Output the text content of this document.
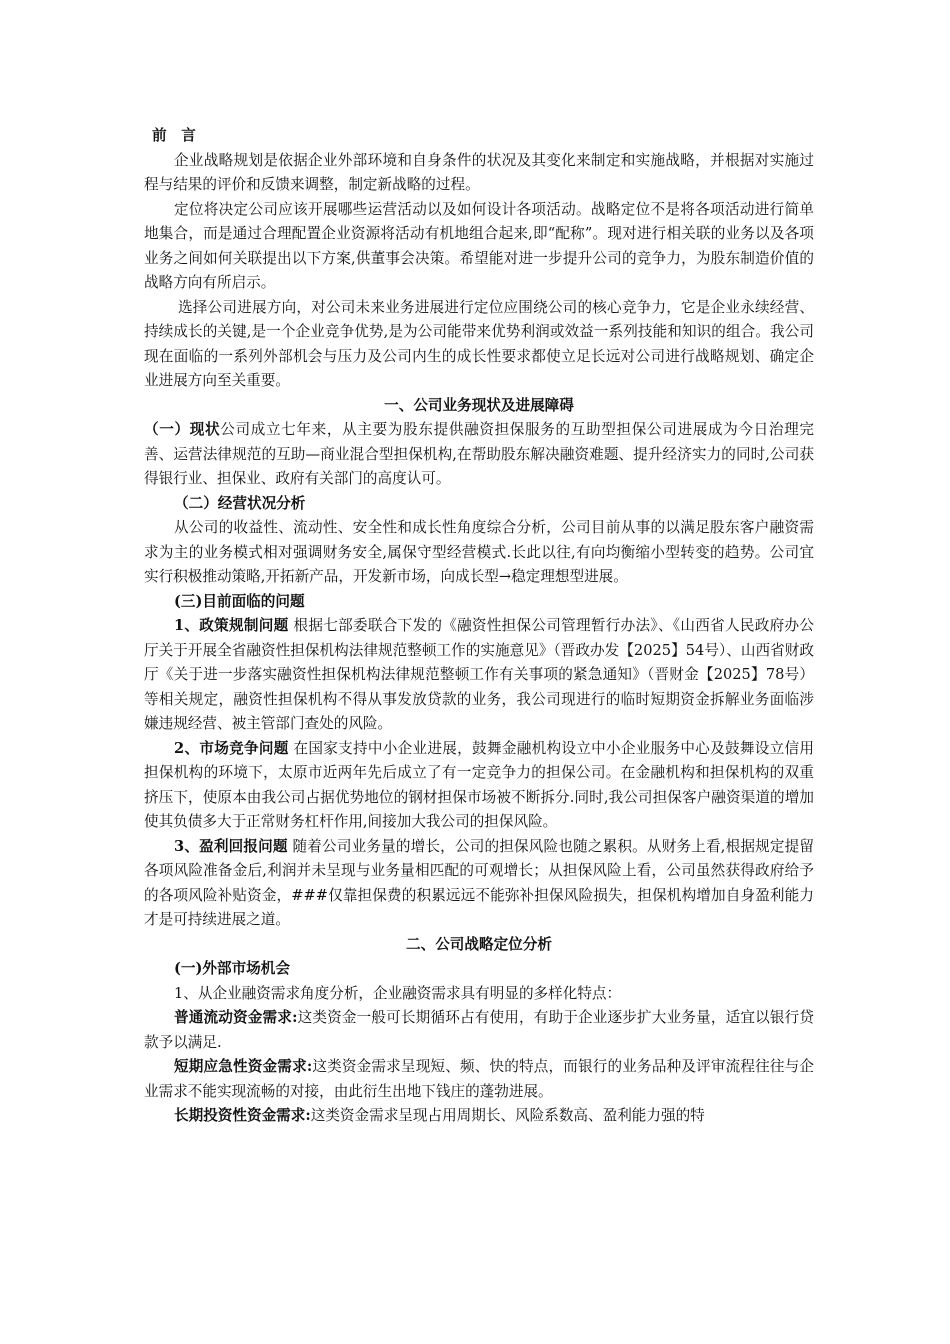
前　言

企业战略规划是依据企业外部环境和自身条件的状况及其变化来制定和实施战略，并根据对实施过程与结果的评价和反馈来调整，制定新战略的过程。

定位将决定公司应该开展哪些运营活动以及如何设计各项活动。战略定位不是将各项活动进行简单地集合，而是通过合理配置企业资源将活动有机地组合起来,即“配称”。现对进行相关联的业务以及各项业务之间如何关联提出以下方案,供董事会决策。希望能对进一步提升公司的竞争力，为股东制造价值的战略方向有所启示。

选择公司进展方向，对公司未来业务进展进行定位应围绕公司的核心竞争力，它是企业永续经营、持续成长的关键,是一个企业竞争优势,是为公司能带来优势利润或效益一系列技能和知识的组合。我公司现在面临的一系列外部机会与压力及公司内生的成长性要求都使立足长远对公司进行战略规划、确定企业进展方向至关重要。

一、公司业务现状及进展障碍

（一）现状公司成立七年来，从主要为股东提供融资担保服务的互助型担保公司进展成为今日治理完善、运营法律规范的互助—商业混合型担保机构,在帮助股东解决融资难题、提升经济实力的同时,公司获得银行业、担保业、政府有关部门的高度认可。

（二）经营状况分析

从公司的收益性、流动性、安全性和成长性角度综合分析，公司目前从事的以满足股东客户融资需求为主的业务模式相对强调财务安全,属保守型经营模式.长此以往,有向均衡缩小型转变的趋势。公司宜实行积极推动策略,开拓新产品，开发新市场，向成长型→稳定理想型进展。

(三)目前面临的问题

1、政策规制问题 根据七部委联合下发的《融资性担保公司管理暂行办法》、《山西省人民政府办公厅关于开展全省融资性担保机构法律规范整顿工作的实施意见》（晋政办发【2025】54号）、山西省财政厅《关于进一步落实融资性担保机构法律规范整顿工作有关事项的紧急通知》（晋财金【2025】78号）等相关规定，融资性担保机构不得从事发放贷款的业务，我公司现进行的临时短期资金拆解业务面临涉嫌违规经营、被主管部门查处的风险。

2、市场竞争问题 在国家支持中小企业进展，鼓舞金融机构设立中小企业服务中心及鼓舞设立信用担保机构的环境下，太原市近两年先后成立了有一定竞争力的担保公司。在金融机构和担保机构的双重挤压下，使原本由我公司占据优势地位的钢材担保市场被不断拆分.同时,我公司担保客户融资渠道的增加使其负债多大于正常财务杠杆作用,间接加大我公司的担保风险。

3、盈利回报问题 随着公司业务量的增长，公司的担保风险也随之累积。从财务上看,根据规定提留各项风险准备金后,利润并未呈现与业务量相匹配的可观增长；从担保风险上看，公司虽然获得政府给予的各项风险补贴资金，###仅靠担保费的积累远远不能弥补担保风险损失，担保机构增加自身盈利能力才是可持续进展之道。

二、公司战略定位分析

(一)外部市场机会

1、从企业融资需求角度分析，企业融资需求具有明显的多样化特点：

普通流动资金需求:这类资金一般可长期循环占有使用，有助于企业逐步扩大业务量，适宜以银行贷款予以满足.

短期应急性资金需求:这类资金需求呈现短、频、快的特点，而银行的业务品种及评审流程往往与企业需求不能实现流畅的对接，由此衍生出地下钱庄的蓬勃进展。

长期投资性资金需求:这类资金需求呈现占用周期长、风险系数高、盈利能力强的特
